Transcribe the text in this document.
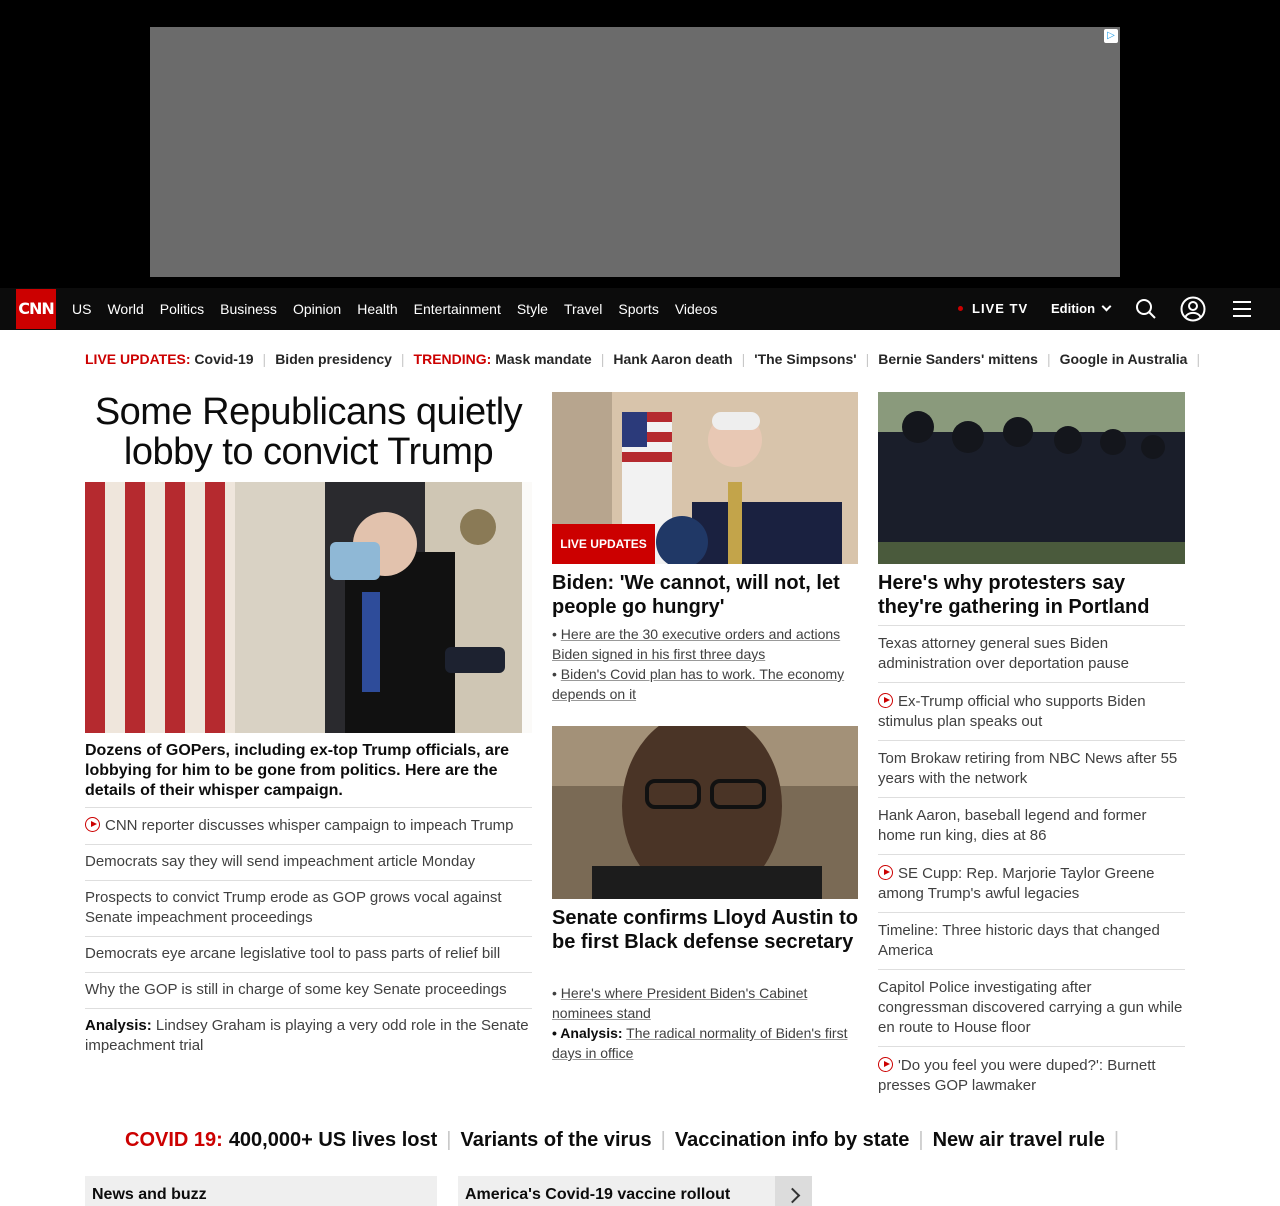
▷
CNN US World Politics Business Opinion Health Entertainment Style Travel Sports Videos	LIVE TV Edition
LIVE UPDATES:
Covid-19 | Biden presidency | TRENDING:
Mask mandate | Hank Aaron death | 'The Simpsons' | Bernie Sanders' mittens | Google in Australia |
Some Republicans quietly lobby to convict Trump
Dozens of GOPers, including ex-top Trump officials, are lobbying for him to be gone from politics. Here are the details of their whisper campaign.
CNN reporter discusses whisper campaign to impeach Trump
Democrats say they will send impeachment article Monday
Prospects to convict Trump erode as GOP grows vocal against Senate impeachment proceedings
Democrats eye arcane legislative tool to pass parts of relief bill
Why the GOP is still in charge of some key Senate proceedings
Analysis: Lindsey Graham is playing a very odd role in the Senate impeachment trial
LIVE UPDATES
Biden: 'We cannot, will not, let people go hungry'
• Here are the 30 executive orders and actions Biden signed in his first three days
• Biden's Covid plan has to work. The economy depends on it
Senate confirms Lloyd Austin to be first Black defense secretary
• Here's where President Biden's Cabinet nominees stand
• Analysis: The radical normality of Biden's first days in office
Here's why protesters say they're gathering in Portland
Texas attorney general sues Biden administration over deportation pause
Ex-Trump official who supports Biden stimulus plan speaks out
Tom Brokaw retiring from NBC News after 55 years with the network
Hank Aaron, baseball legend and former home run king, dies at 86
SE Cupp: Rep. Marjorie Taylor Greene among Trump's awful legacies
Timeline: Three historic days that changed America
Capitol Police investigating after congressman discovered carrying a gun while en route to House floor
'Do you feel you were duped?': Burnett presses GOP lawmaker
COVID 19: 400,000+ US lives lost | Variants of the virus | Vaccination info by state | New air travel rule |
News and buzz	America's Covid-19 vaccine rollout
